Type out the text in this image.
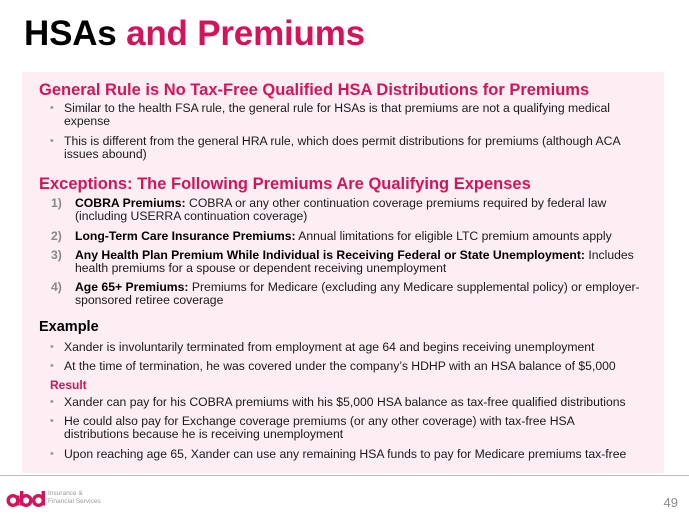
HSAs and Premiums
General Rule is No Tax-Free Qualified HSA Distributions for Premiums
• Similar to the health FSA rule, the general rule for HSAs is that premiums are not a qualifying medical expense
• This is different from the general HRA rule, which does permit distributions for premiums (although ACA issues abound)
Exceptions: The Following Premiums Are Qualifying Expenses
1) COBRA Premiums: COBRA or any other continuation coverage premiums required by federal law (including USERRA continuation coverage)
2) Long-Term Care Insurance Premiums: Annual limitations for eligible LTC premium amounts apply
3) Any Health Plan Premium While Individual is Receiving Federal or State Unemployment: Includes health premiums for a spouse or dependent receiving unemployment
4) Age 65+ Premiums: Premiums for Medicare (excluding any Medicare supplemental policy) or employer-sponsored retiree coverage
Example
• Xander is involuntarily terminated from employment at age 64 and begins receiving unemployment
• At the time of termination, he was covered under the company’s HDHP with an HSA balance of $5,000
Result
• Xander can pay for his COBRA premiums with his $5,000 HSA balance as tax-free qualified distributions
• He could also pay for Exchange coverage premiums (or any other coverage) with tax-free HSA distributions because he is receiving unemployment
• Upon reaching age 65, Xander can use any remaining HSA funds to pay for Medicare premiums tax-free
Insurance &
Financial Services	49
